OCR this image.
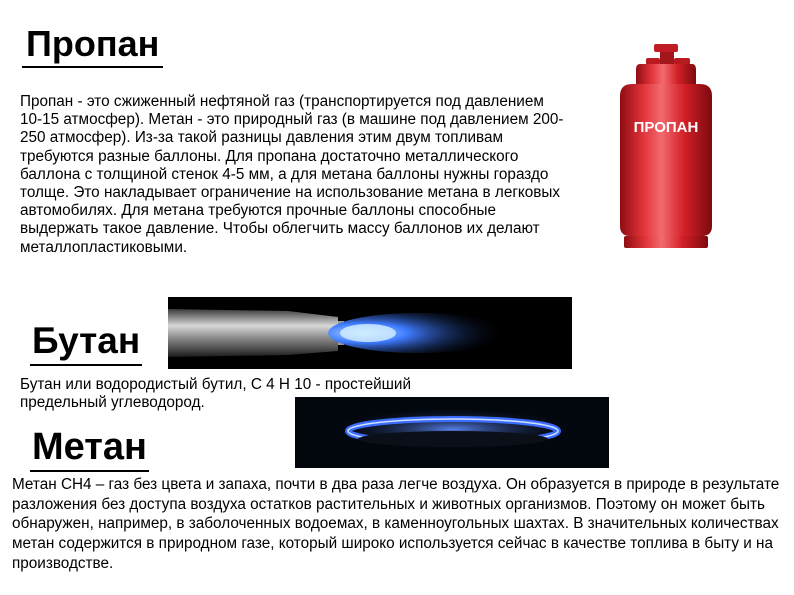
Пропан
Пропан - это сжиженный нефтяной газ (транспортируется под давлением 10-15 атмосфер). Метан - это природный газ (в машине под давлением 200-250 атмосфер). Из-за такой разницы давления этим двум топливам требуются разные баллоны. Для пропана достаточно металлического баллона с толщиной стенок 4-5 мм, а для метана баллоны нужны гораздо толще. Это накладывает ограничение на использование метана в легковых автомобилях. Для метана требуются прочные баллоны способные выдержать такое давление. Чтобы облегчить массу баллонов их делают металлопластиковыми.
ПРОПАН
Бутан
Бутан или водородистый бутил, С 4 Н 10 - простейший предельный углеводород.
Метан
Метан СН4 – газ без цвета и запаха, почти в два раза легче воздуха. Он образуется в природе в результате разложения без доступа воздуха остатков растительных и животных организмов. Поэтому он может быть обнаружен, например, в заболоченных водоемах, в каменноугольных шахтах. В значительных количествах метан содержится в природном газе, который широко используется сейчас в качестве топлива в быту и на производстве.
